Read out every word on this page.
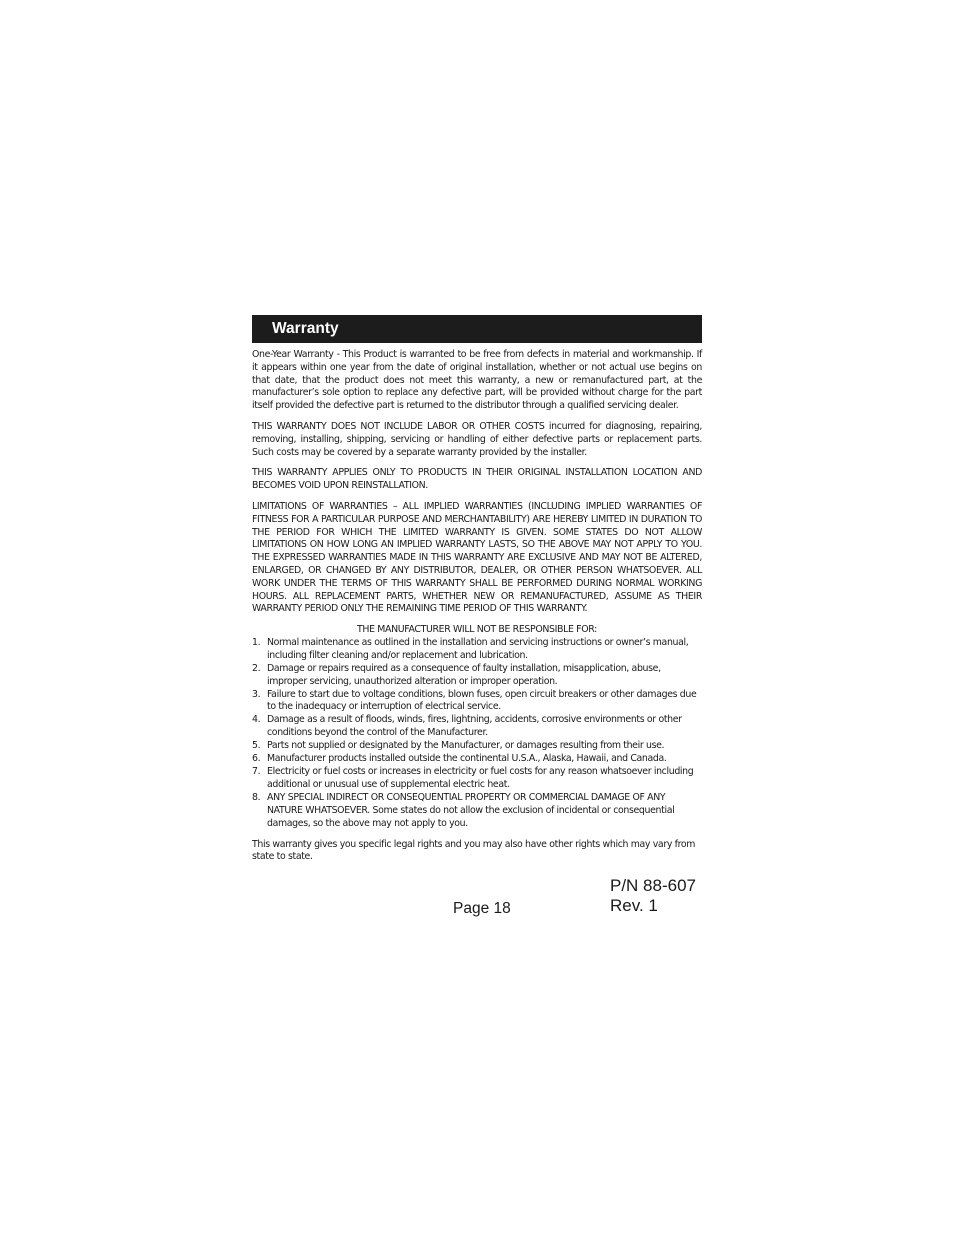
Warranty

One-Year Warranty - This Product is warranted to be free from defects in material and workmanship. If it appears within one year from the date of original installation, whether or not actual use begins on that date, that the product does not meet this warranty, a new or remanufactured part, at the manufacturer’s sole option to replace any defective part, will be provided without charge for the part itself provided the defective part is returned to the distributor through a qualified servicing dealer.

THIS WARRANTY DOES NOT INCLUDE LABOR OR OTHER COSTS incurred for diagnosing, repairing, removing, installing, shipping, servicing or handling of either defective parts or replacement parts. Such costs may be covered by a separate warranty provided by the installer.

THIS WARRANTY APPLIES ONLY TO PRODUCTS IN THEIR ORIGINAL INSTALLATION LOCATION AND BECOMES VOID UPON REINSTALLATION.

LIMITATIONS OF WARRANTIES – ALL IMPLIED WARRANTIES (INCLUDING IMPLIED WARRANTIES OF FITNESS FOR A PARTICULAR PURPOSE AND MERCHANTABILITY) ARE HEREBY LIMITED IN DURATION TO THE PERIOD FOR WHICH THE LIMITED WARRANTY IS GIVEN. SOME STATES DO NOT ALLOW LIMITATIONS ON HOW LONG AN IMPLIED WARRANTY LASTS, SO THE ABOVE MAY NOT APPLY TO YOU. THE EXPRESSED WARRANTIES MADE IN THIS WARRANTY ARE EXCLUSIVE AND MAY NOT BE ALTERED, ENLARGED, OR CHANGED BY ANY DISTRIBUTOR, DEALER, OR OTHER PERSON WHATSOEVER. ALL WORK UNDER THE TERMS OF THIS WARRANTY SHALL BE PERFORMED DURING NORMAL WORKING HOURS. ALL REPLACEMENT PARTS, WHETHER NEW OR REMANUFACTURED, ASSUME AS THEIR WARRANTY PERIOD ONLY THE REMAINING TIME PERIOD OF THIS WARRANTY.

THE MANUFACTURER WILL NOT BE RESPONSIBLE FOR:

1. Normal maintenance as outlined in the installation and servicing instructions or owner’s manual, including filter cleaning and/or replacement and lubrication.
2. Damage or repairs required as a consequence of faulty installation, misapplication, abuse, improper servicing, unauthorized alteration or improper operation.
3. Failure to start due to voltage conditions, blown fuses, open circuit breakers or other damages due to the inadequacy or interruption of electrical service.
4. Damage as a result of floods, winds, fires, lightning, accidents, corrosive environments or other conditions beyond the control of the Manufacturer.
5. Parts not supplied or designated by the Manufacturer, or damages resulting from their use.
6. Manufacturer products installed outside the continental U.S.A., Alaska, Hawaii, and Canada.
7. Electricity or fuel costs or increases in electricity or fuel costs for any reason whatsoever including additional or unusual use of supplemental electric heat.
8. ANY SPECIAL INDIRECT OR CONSEQUENTIAL PROPERTY OR COMMERCIAL DAMAGE OF ANY NATURE WHATSOEVER. Some states do not allow the exclusion of incidental or consequential damages, so the above may not apply to you.

This warranty gives you specific legal rights and you may also have other rights which may vary from state to state.

Page 18
P/N 88-607
Rev. 1
